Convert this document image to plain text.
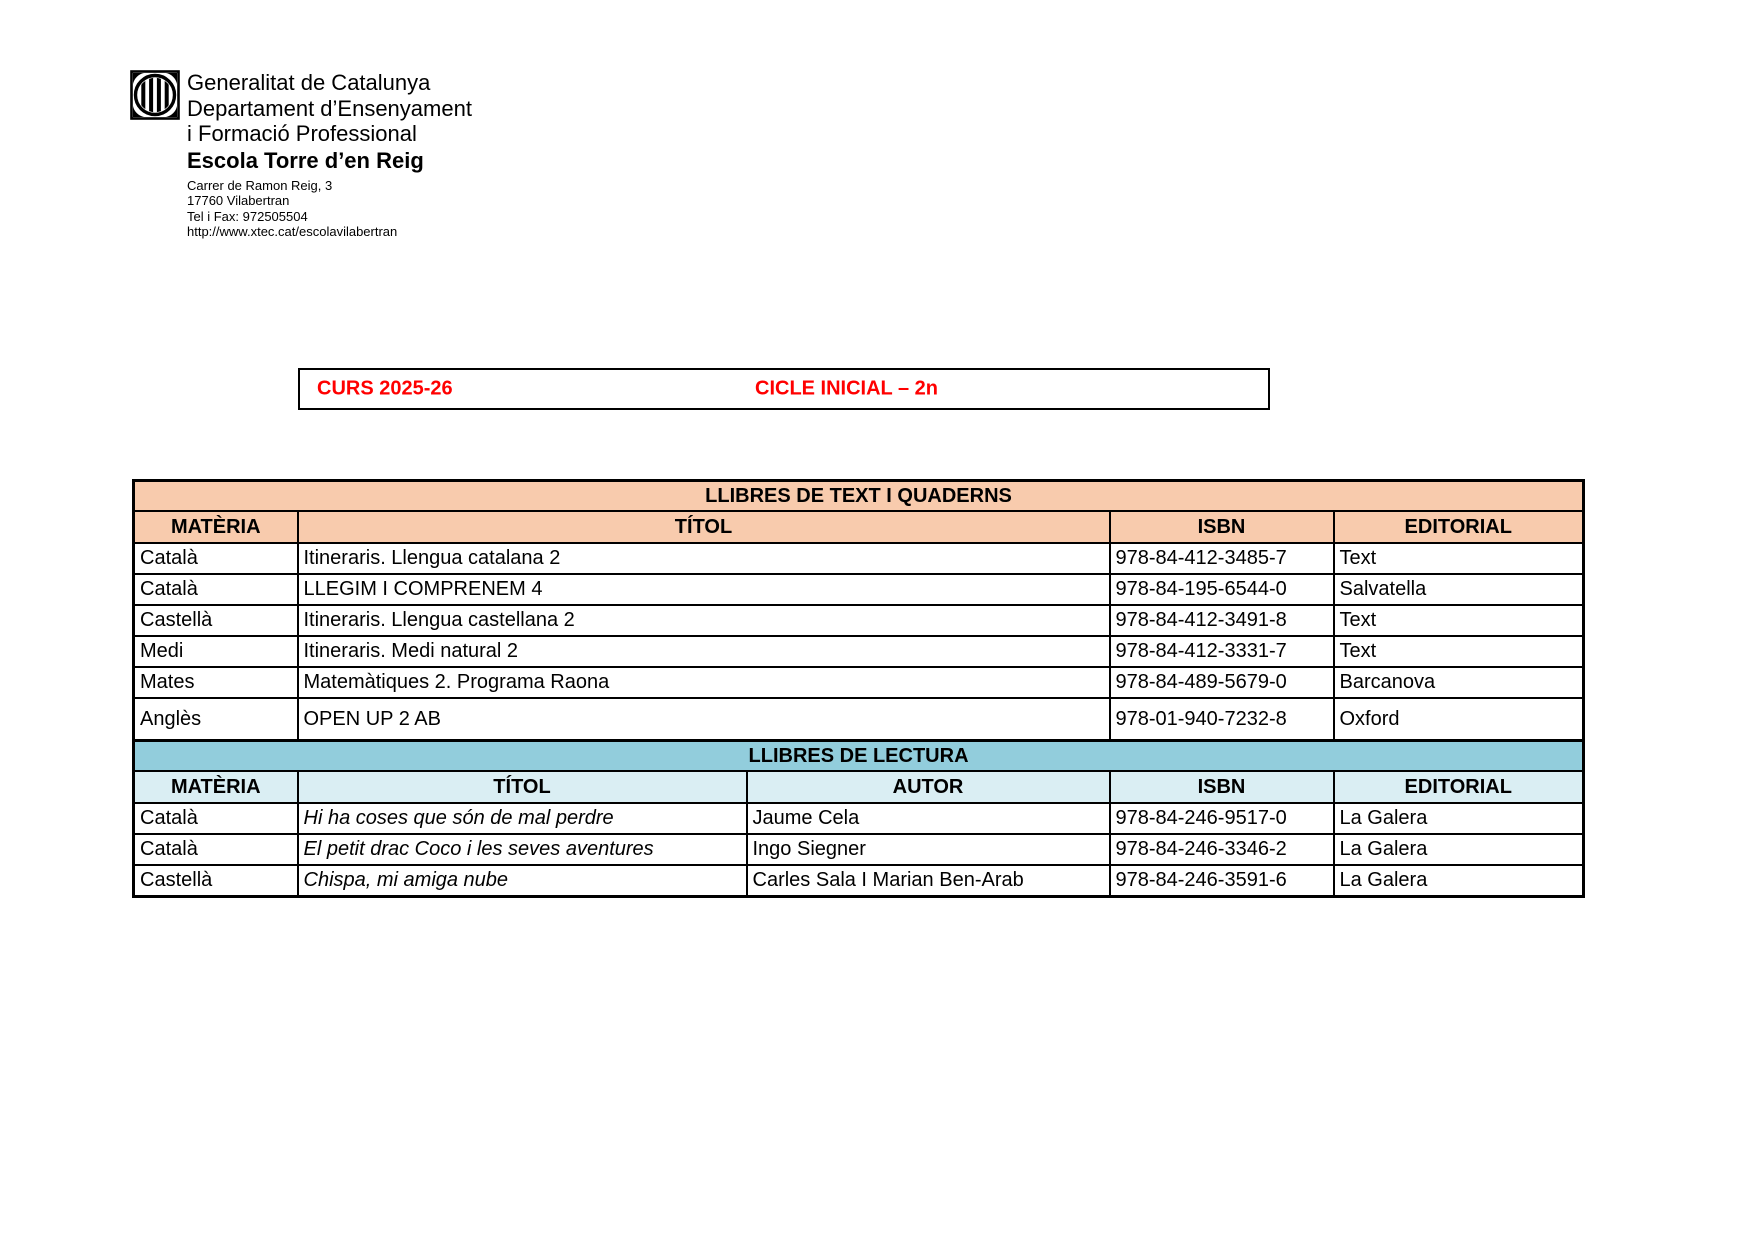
Generalitat de Catalunya
Departament d’Ensenyament
i Formació Professional
Escola Torre d’en Reig
Carrer de Ramon Reig, 3
17760 Vilabertran
Tel i Fax: 972505504
http://www.xtec.cat/escolavilabertran
CURS 2025-26	CICLE INICIAL – 2n
LLIBRES DE TEXT I QUADERNS			
MATÈRIA	TÍTOL	ISBN	EDITORIAL
Català	Itineraris. Llengua catalana 2	978-84-412-3485-7	Text
Català	LLEGIM I COMPRENEM 4	978-84-195-6544-0	Salvatella
Castellà	Itineraris. Llengua castellana 2	978-84-412-3491-8	Text
Medi	Itineraris. Medi natural 2	978-84-412-3331-7	Text
Mates	Matemàtiques 2. Programa Raona	978-84-489-5679-0	Barcanova
Anglès	OPEN UP 2 AB	978-01-940-7232-8	Oxford
LLIBRES DE LECTURA				
MATÈRIA	TÍTOL	AUTOR	ISBN	EDITORIAL
Català	Hi ha coses que són de mal perdre	Jaume Cela	978-84-246-9517-0	La Galera
Català	El petit drac Coco i les seves aventures	Ingo Siegner	978-84-246-3346-2	La Galera
Castellà	Chispa, mi amiga nube	Carles Sala I Marian Ben-Arab	978-84-246-3591-6	La Galera
